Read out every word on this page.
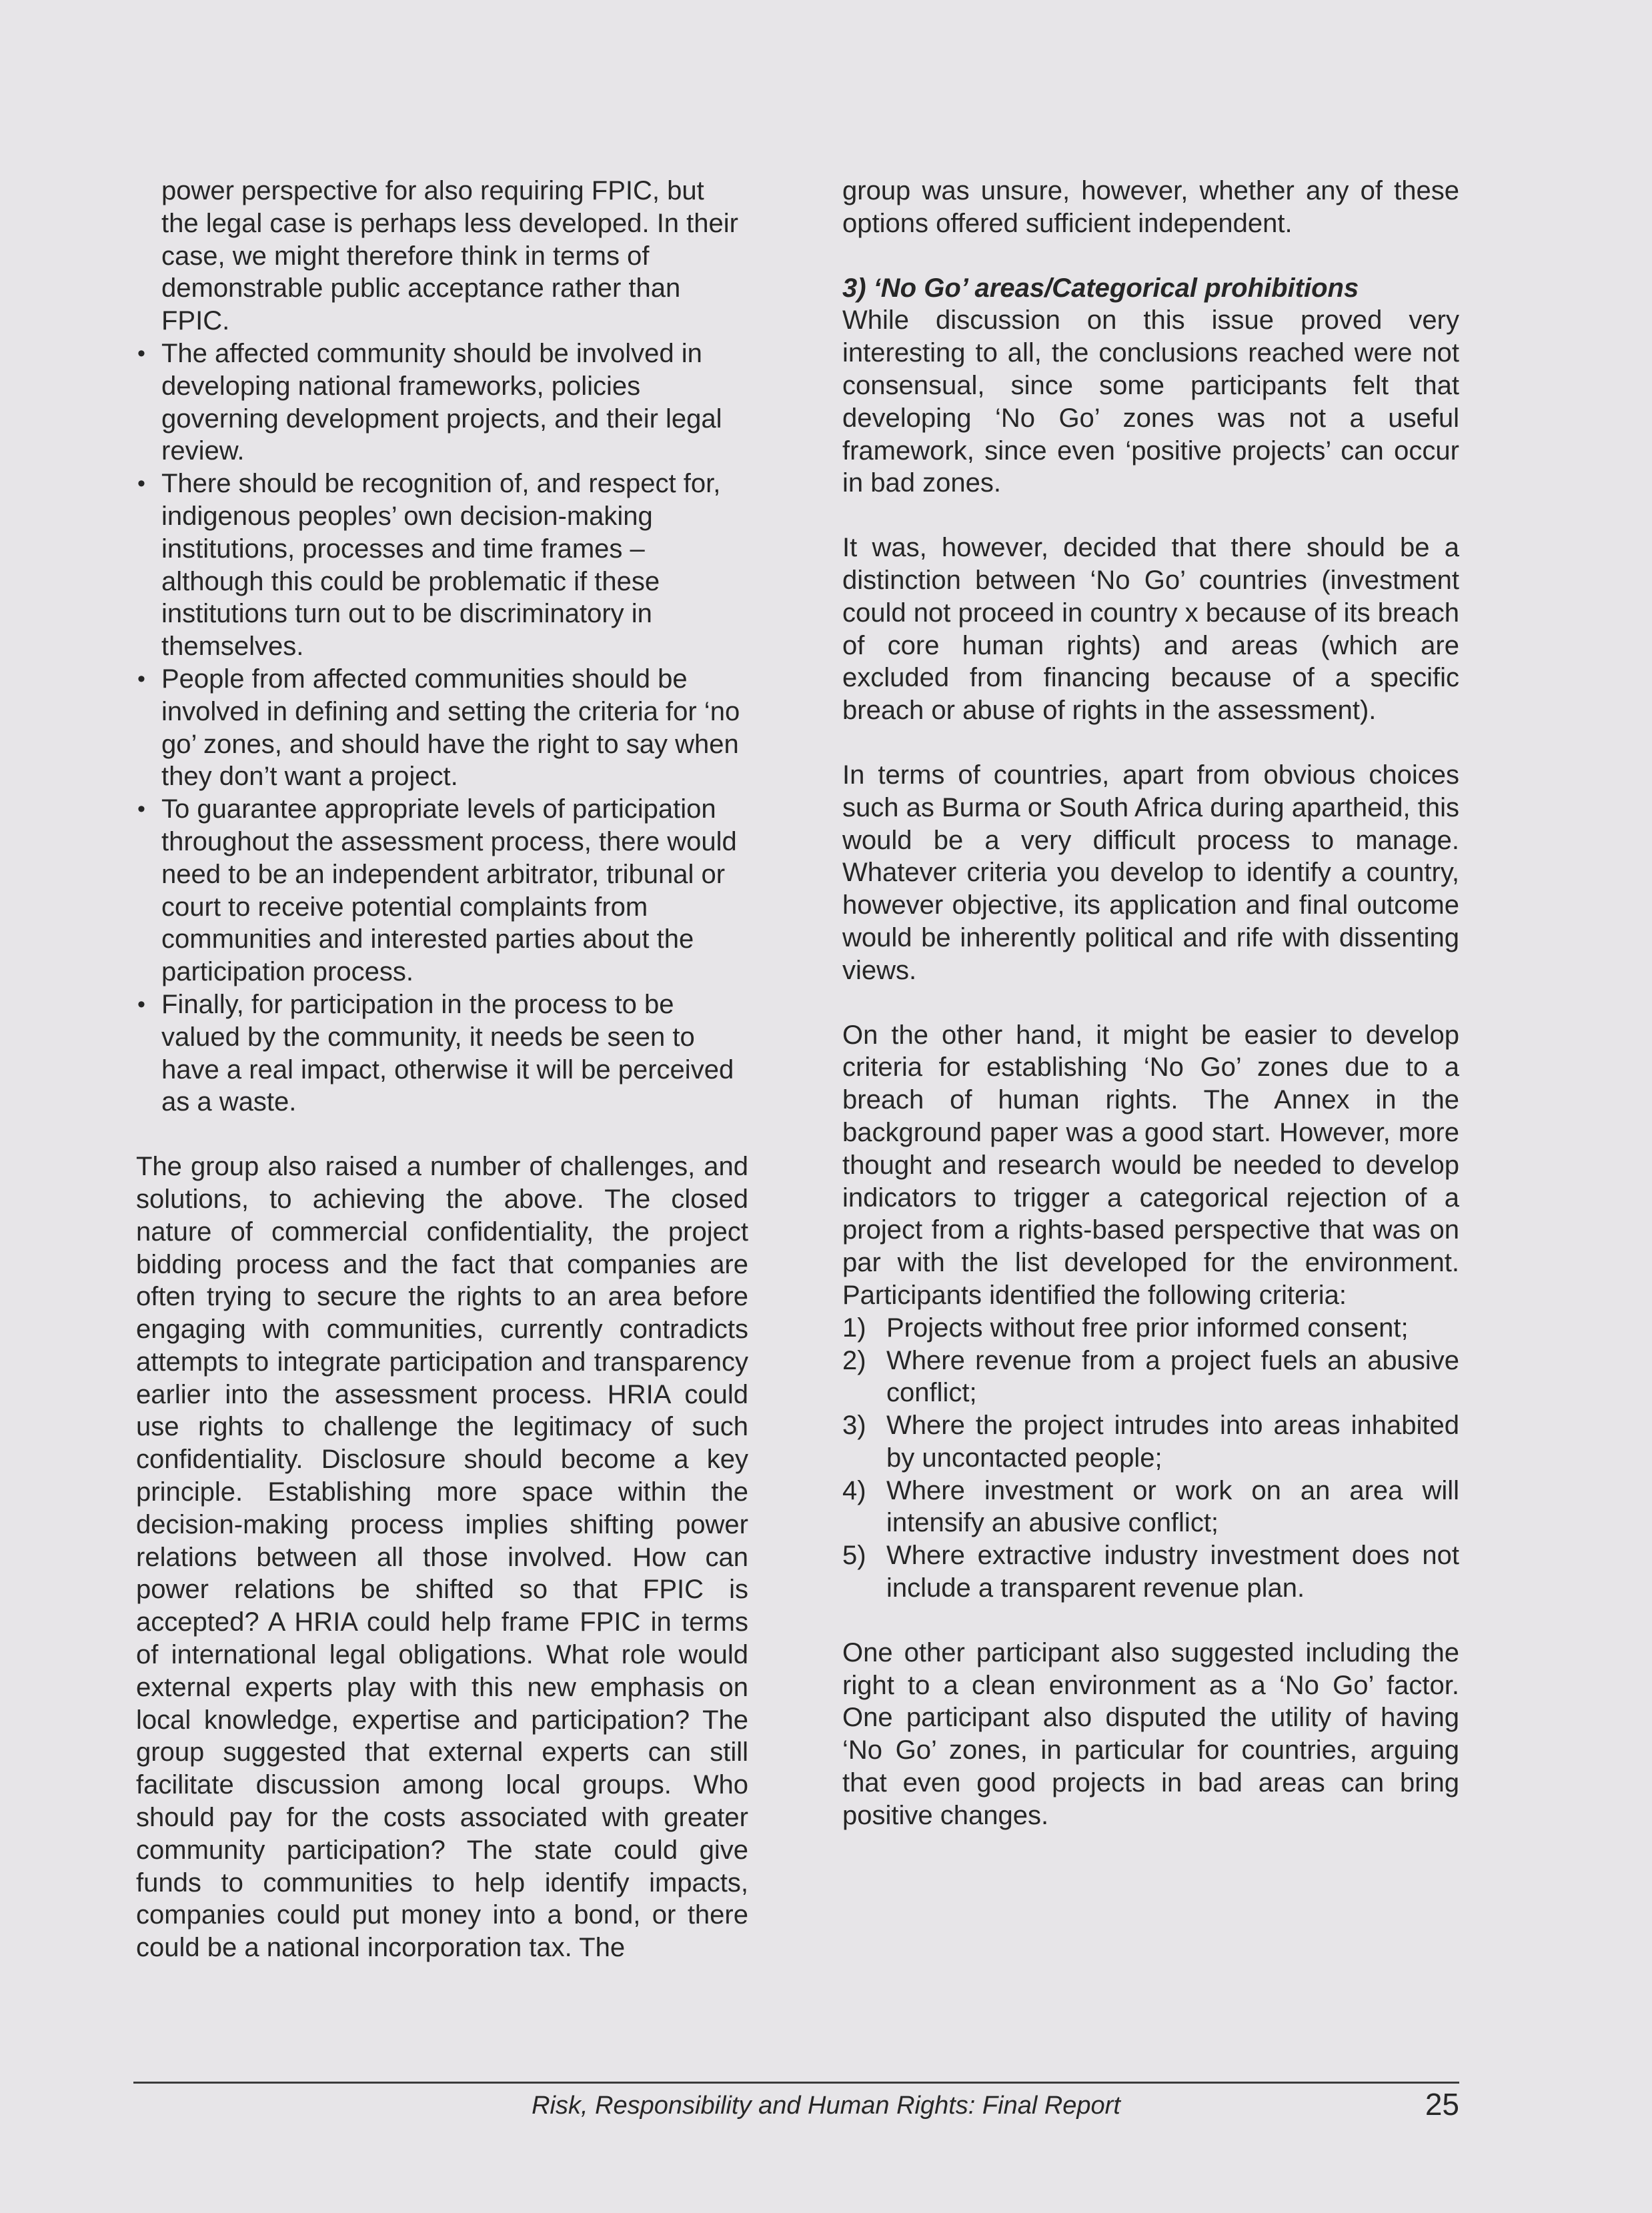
power perspective for also requiring FPIC, but the legal case is perhaps less developed. In their case, we might therefore think in terms of demonstrable public acceptance rather than FPIC.

• The affected community should be involved in developing national frameworks, policies governing development projects, and their legal review.
• There should be recognition of, and respect for, indigenous peoples’ own decision-making institutions, processes and time frames – although this could be problematic if these institutions turn out to be discriminatory in themselves.
• People from affected communities should be involved in defining and setting the criteria for ‘no go’ zones, and should have the right to say when they don’t want a project.
• To guarantee appropriate levels of participation throughout the assessment process, there would need to be an independent arbitrator, tribunal or court to receive potential complaints from communities and interested parties about the participation process.
• Finally, for participation in the process to be valued by the community, it needs be seen to have a real impact, otherwise it will be perceived as a waste.

The group also raised a number of challenges, and solutions, to achieving the above. The closed nature of commercial confidentiality, the project bidding process and the fact that companies are often trying to secure the rights to an area before engaging with communities, currently contradicts attempts to integrate participation and transparency earlier into the assessment process. HRIA could use rights to challenge the legitimacy of such confidentiality. Disclosure should become a key principle. Establishing more space within the decision-making process implies shifting power relations between all those involved. How can power relations be shifted so that FPIC is accepted? A HRIA could help frame FPIC in terms of international legal obligations. What role would external experts play with this new emphasis on local knowledge, expertise and participation? The group suggested that external experts can still facilitate discussion among local groups. Who should pay for the costs associated with greater community participation? The state could give funds to communities to help identify impacts, companies could put money into a bond, or there could be a national incorporation tax. The

group was unsure, however, whether any of these options offered sufficient independent.

3) ‘No Go’ areas/Categorical prohibitions

While discussion on this issue proved very interesting to all, the conclusions reached were not consensual, since some participants felt that developing ‘No Go’ zones was not a useful framework, since even ‘positive projects’ can occur in bad zones.

It was, however, decided that there should be a distinction between ‘No Go’ countries (investment could not proceed in country x because of its breach of core human rights) and areas (which are excluded from financing because of a specific breach or abuse of rights in the assessment).

In terms of countries, apart from obvious choices such as Burma or South Africa during apartheid, this would be a very difficult process to manage. Whatever criteria you develop to identify a country, however objective, its application and final outcome would be inherently political and rife with dissenting views.

On the other hand, it might be easier to develop criteria for establishing ‘No Go’ zones due to a breach of human rights. The Annex in the background paper was a good start. However, more thought and research would be needed to develop indicators to trigger a categorical rejection of a project from a rights-based perspective that was on par with the list developed for the environment. Participants identified the following criteria:

1) Projects without free prior informed consent;
2) Where revenue from a project fuels an abusive conflict;
3) Where the project intrudes into areas inhabited by uncontacted people;
4) Where investment or work on an area will intensify an abusive conflict;
5) Where extractive industry investment does not include a transparent revenue plan.

One other participant also suggested including the right to a clean environment as a ‘No Go’ factor. One participant also disputed the utility of having ‘No Go’ zones, in particular for countries, arguing that even good projects in bad areas can bring positive changes.

Risk, Responsibility and Human Rights: Final Report	25
